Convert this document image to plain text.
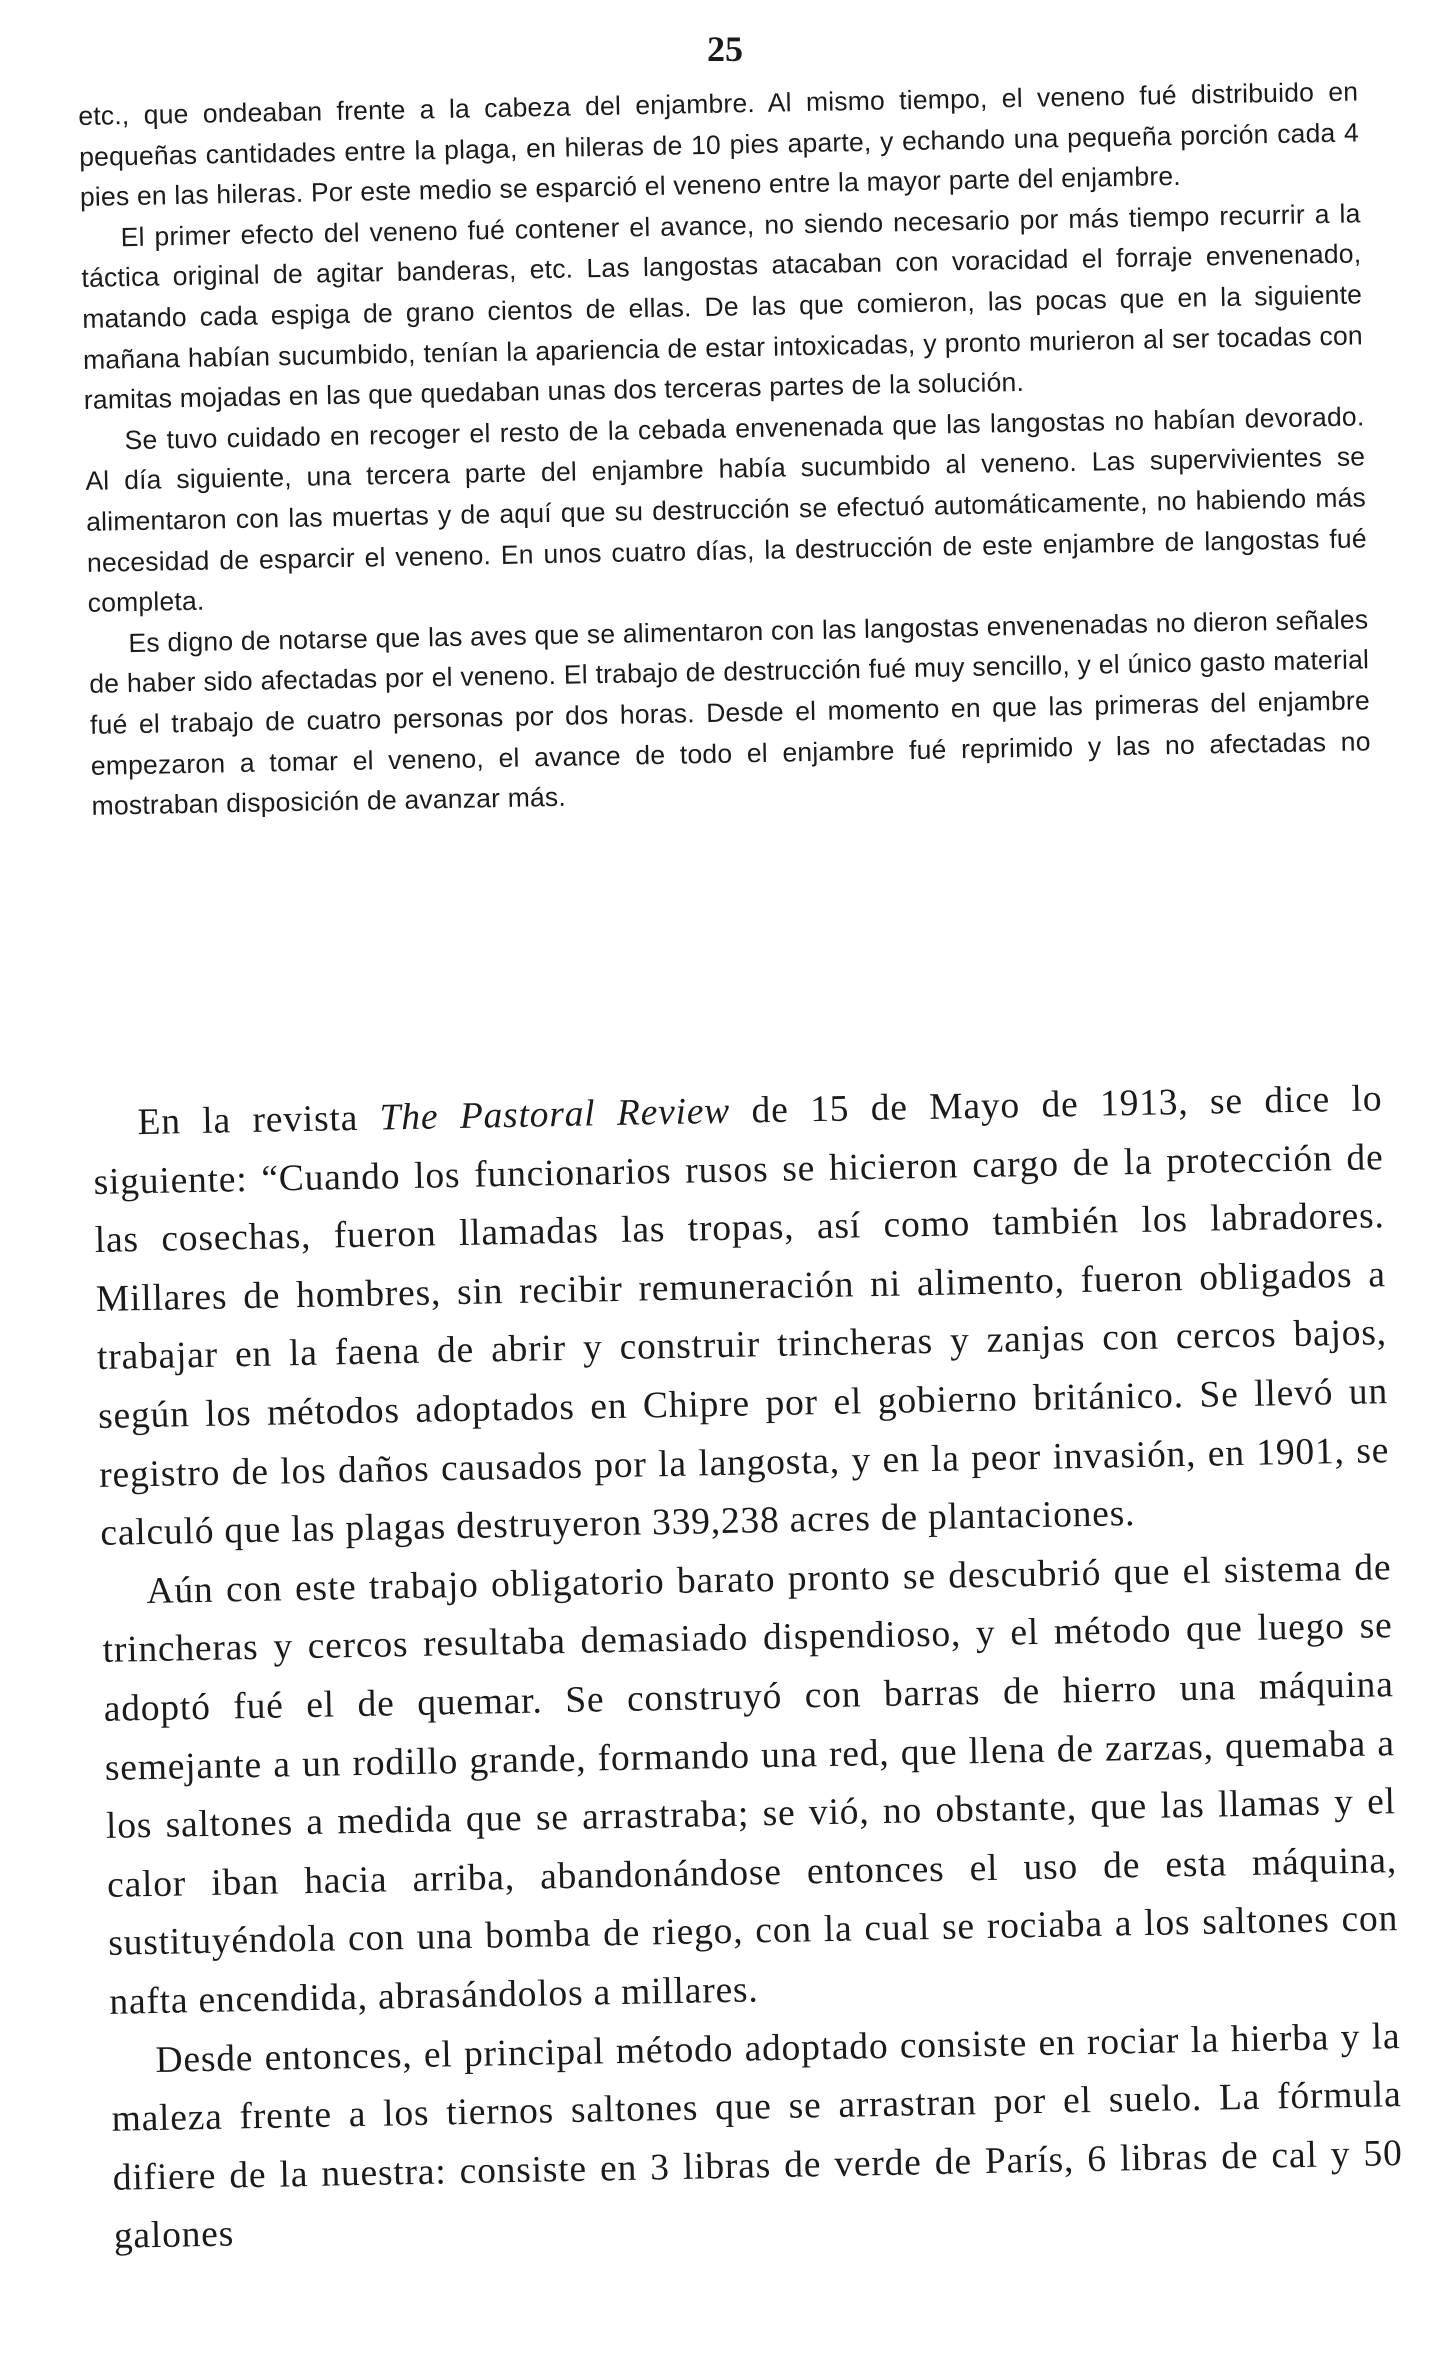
25

etc., que ondeaban frente a la cabeza del enjambre. Al mismo tiempo, el veneno fué distribuido en pequeñas cantidades entre la plaga, en hileras de 10 pies aparte, y echando una pequeña porción cada 4 pies en las hileras. Por este medio se esparció el veneno entre la mayor parte del enjambre.

El primer efecto del veneno fué contener el avance, no siendo necesario por más tiempo recurrir a la táctica original de agitar banderas, etc. Las langostas atacaban con voracidad el forraje envenenado, matando cada espiga de grano cientos de ellas. De las que comieron, las pocas que en la siguiente mañana habían sucumbido, tenían la apariencia de estar intoxicadas, y pronto murieron al ser tocadas con ramitas mojadas en las que quedaban unas dos terceras partes de la solución.

Se tuvo cuidado en recoger el resto de la cebada envenenada que las langostas no habían devorado. Al día siguiente, una tercera parte del enjambre había sucumbido al veneno. Las supervivientes se alimentaron con las muertas y de aquí que su destrucción se efectuó automáticamente, no habiendo más necesidad de esparcir el veneno. En unos cuatro días, la destrucción de este enjambre de langostas fué completa.

Es digno de notarse que las aves que se alimentaron con las langostas envenenadas no dieron señales de haber sido afectadas por el veneno. El trabajo de destrucción fué muy sencillo, y el único gasto material fué el trabajo de cuatro personas por dos horas. Desde el momento en que las primeras del enjambre empezaron a tomar el veneno, el avance de todo el enjambre fué reprimido y las no afectadas no mostraban disposición de avanzar más.

En la revista The Pastoral Review de 15 de Mayo de 1913, se dice lo siguiente: “Cuando los funcionarios rusos se hicieron cargo de la protección de las cosechas, fueron llamadas las tropas, así como también los labradores. Millares de hombres, sin recibir remuneración ni alimento, fueron obligados a trabajar en la faena de abrir y construir trincheras y zanjas con cercos bajos, según los métodos adoptados en Chipre por el gobierno británico. Se llevó un registro de los daños causados por la langosta, y en la peor invasión, en 1901, se calculó que las plagas destruyeron 339,238 acres de plantaciones.

Aún con este trabajo obligatorio barato pronto se descubrió que el sistema de trincheras y cercos resultaba demasiado dispendioso, y el método que luego se adoptó fué el de quemar. Se construyó con barras de hierro una máquina semejante a un rodillo grande, formando una red, que llena de zarzas, quemaba a los saltones a medida que se arrastraba; se vió, no obstante, que las llamas y el calor iban hacia arriba, abandonándose entonces el uso de esta máquina, sustituyéndola con una bomba de riego, con la cual se rociaba a los saltones con nafta encendida, abrasándolos a millares.

Desde entonces, el principal método adoptado consiste en rociar la hierba y la maleza frente a los tiernos saltones que se arrastran por el suelo. La fórmula difiere de la nuestra: consiste en 3 libras de verde de París, 6 libras de cal y 50 galones
